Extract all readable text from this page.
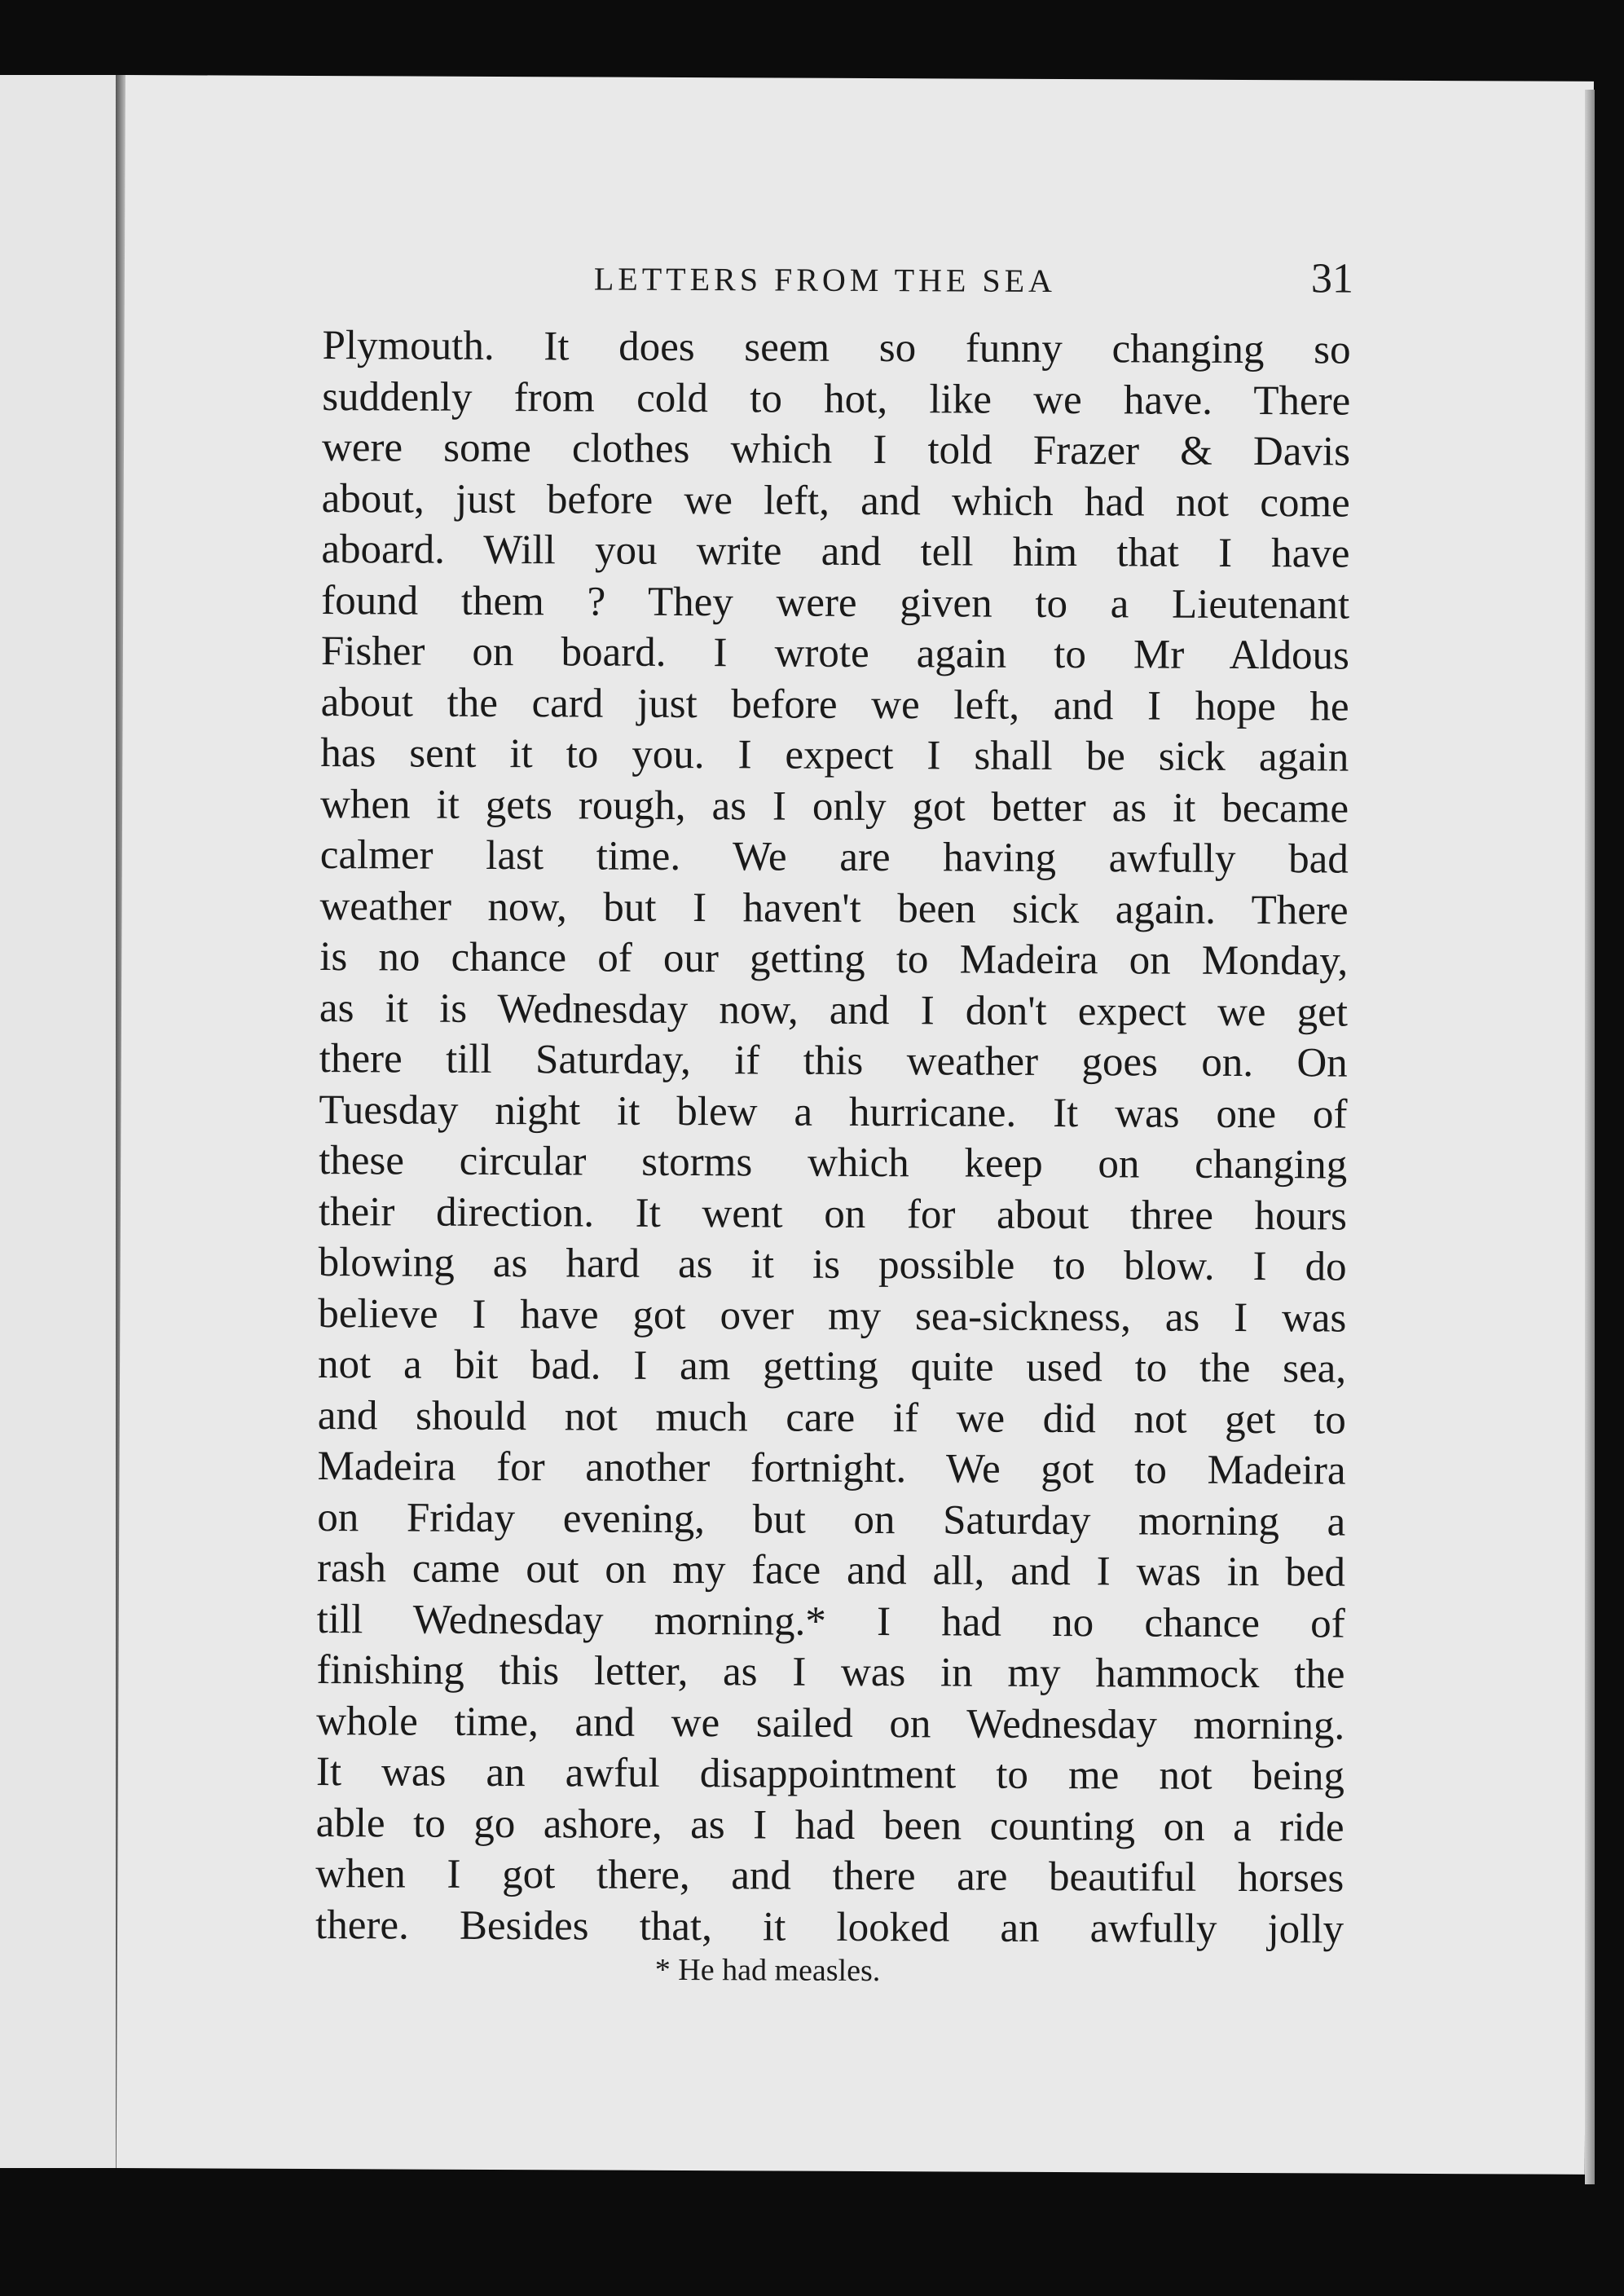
LETTERS FROM THE SEA	31
Plymouth. It does seem so funny changing so
suddenly from cold to hot, like we have. There
were some clothes which I told Frazer & Davis
about, just before we left, and which had not come
aboard. Will you write and tell him that I have
found them ? They were given to a Lieutenant
Fisher on board. I wrote again to Mr Aldous
about the card just before we left, and I hope he
has sent it to you. I expect I shall be sick again
when it gets rough, as I only got better as it became
calmer last time. We are having awfully bad
weather now, but I haven't been sick again. There
is no chance of our getting to Madeira on Monday,
as it is Wednesday now, and I don't expect we get
there till Saturday, if this weather goes on. On
Tuesday night it blew a hurricane. It was one of
these circular storms which keep on changing
their direction. It went on for about three hours
blowing as hard as it is possible to blow. I do
believe I have got over my sea-sickness, as I was
not a bit bad. I am getting quite used to the sea,
and should not much care if we did not get to
Madeira for another fortnight. We got to Madeira
on Friday evening, but on Saturday morning a
rash came out on my face and all, and I was in bed
till Wednesday morning.* I had no chance of
finishing this letter, as I was in my hammock the
whole time, and we sailed on Wednesday morning.
It was an awful disappointment to me not being
able to go ashore, as I had been counting on a ride
when I got there, and there are beautiful horses
there. Besides that, it looked an awfully jolly
* He had measles.
